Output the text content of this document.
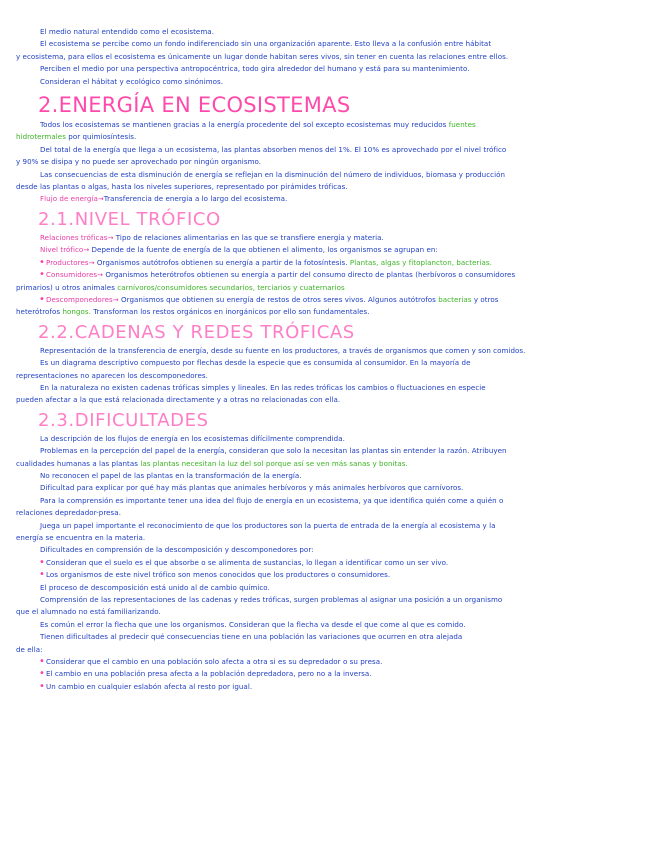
El medio natural entendido como el ecosistema.

El ecosistema se percibe como un fondo indiferenciado sin una organización aparente. Esto lleva a la confusión entre hábitat

y ecosistema, para ellos el ecosistema es únicamente un lugar donde habitan seres vivos, sin tener en cuenta las relaciones entre ellos.

Perciben el medio por una perspectiva antropocéntrica, todo gira alrededor del humano y está para su mantenimiento.

Consideran el hábitat y ecológico como sinónimos.

2.ENERGÍA EN ECOSISTEMAS

Todos los ecosistemas se mantienen gracias a la energía procedente del sol excepto ecosistemas muy reducidos fuentes

hidrotermales por quimiosíntesis.

Del total de la energía que llega a un ecosistema, las plantas absorben menos del 1%. El 10% es aprovechado por el nivel trófico

y 90% se disipa y no puede ser aprovechado por ningún organismo.

Las consecuencias de esta disminución de energía se reflejan en la disminución del número de individuos, biomasa y producción

desde las plantas o algas, hasta los niveles superiores, representado por pirámides tróficas.

Flujo de energía→Transferencia de energía a lo largo del ecosistema.

2.1.NIVEL TRÓFICO

Relaciones tróficas→ Tipo de relaciones alimentarias en las que se transfiere energía y materia.

Nivel trófico→ Depende de la fuente de energía de la que obtienen el alimento, los organismos se agrupan en:

• Productores→ Organismos autótrofos obtienen su energía a partir de la fotosíntesis. Plantas, algas y fitoplancton, bacterias.

• Consumidores→ Organismos heterótrofos obtienen su energía a partir del consumo directo de plantas (herbívoros o consumidores

primarios) u otros animales carnívoros/consumidores secundarios, terciarios y cuaternarios

• Descomponedores→ Organismos que obtienen su energía de restos de otros seres vivos. Algunos autótrofos bacterias y otros

heterótrofos hongos. Transforman los restos orgánicos en inorgánicos por ello son fundamentales.

2.2.CADENAS Y REDES TRÓFICAS

Representación de la transferencia de energía, desde su fuente en los productores, a través de organismos que comen y son comidos.

Es un diagrama descriptivo compuesto por flechas desde la especie que es consumida al consumidor. En la mayoría de

representaciones no aparecen los descomponedores.

En la naturaleza no existen cadenas tróficas simples y lineales. En las redes tróficas los cambios o fluctuaciones en especie

pueden afectar a la que está relacionada directamente y a otras no relacionadas con ella.

2.3.DIFICULTADES

La descripción de los flujos de energía en los ecosistemas difícilmente comprendida.

Problemas en la percepción del papel de la energía, consideran que solo la necesitan las plantas sin entender la razón. Atribuyen

cualidades humanas a las plantas las plantas necesitan la luz del sol porque así se ven más sanas y bonitas.

No reconocen el papel de las plantas en la transformación de la energía.

Dificultad para explicar por qué hay más plantas que animales herbívoros y más animales herbívoros que carnívoros.

Para la comprensión es importante tener una idea del flujo de energía en un ecosistema, ya que identifica quién come a quién o

relaciones depredador-presa.

Juega un papel importante el reconocimiento de que los productores son la puerta de entrada de la energía al ecosistema y la

energía se encuentra en la materia.

Dificultades en comprensión de la descomposición y descomponedores por:

• Consideran que el suelo es el que absorbe o se alimenta de sustancias, lo llegan a identificar como un ser vivo.

• Los organismos de este nivel trófico son menos conocidos que los productores o consumidores.

El proceso de descomposición está unido al de cambio químico.

Comprensión de las representaciones de las cadenas y redes tróficas, surgen problemas al asignar una posición a un organismo

que el alumnado no está familiarizando.

Es común el error la flecha que une los organismos. Consideran que la flecha va desde el que come al que es comido.

Tienen dificultades al predecir qué consecuencias tiene en una población las variaciones que ocurren en otra alejada

de ella:

• Considerar que el cambio en una población solo afecta a otra si es su depredador o su presa.

• El cambio en una población presa afecta a la población depredadora, pero no a la inversa.

• Un cambio en cualquier eslabón afecta al resto por igual.
